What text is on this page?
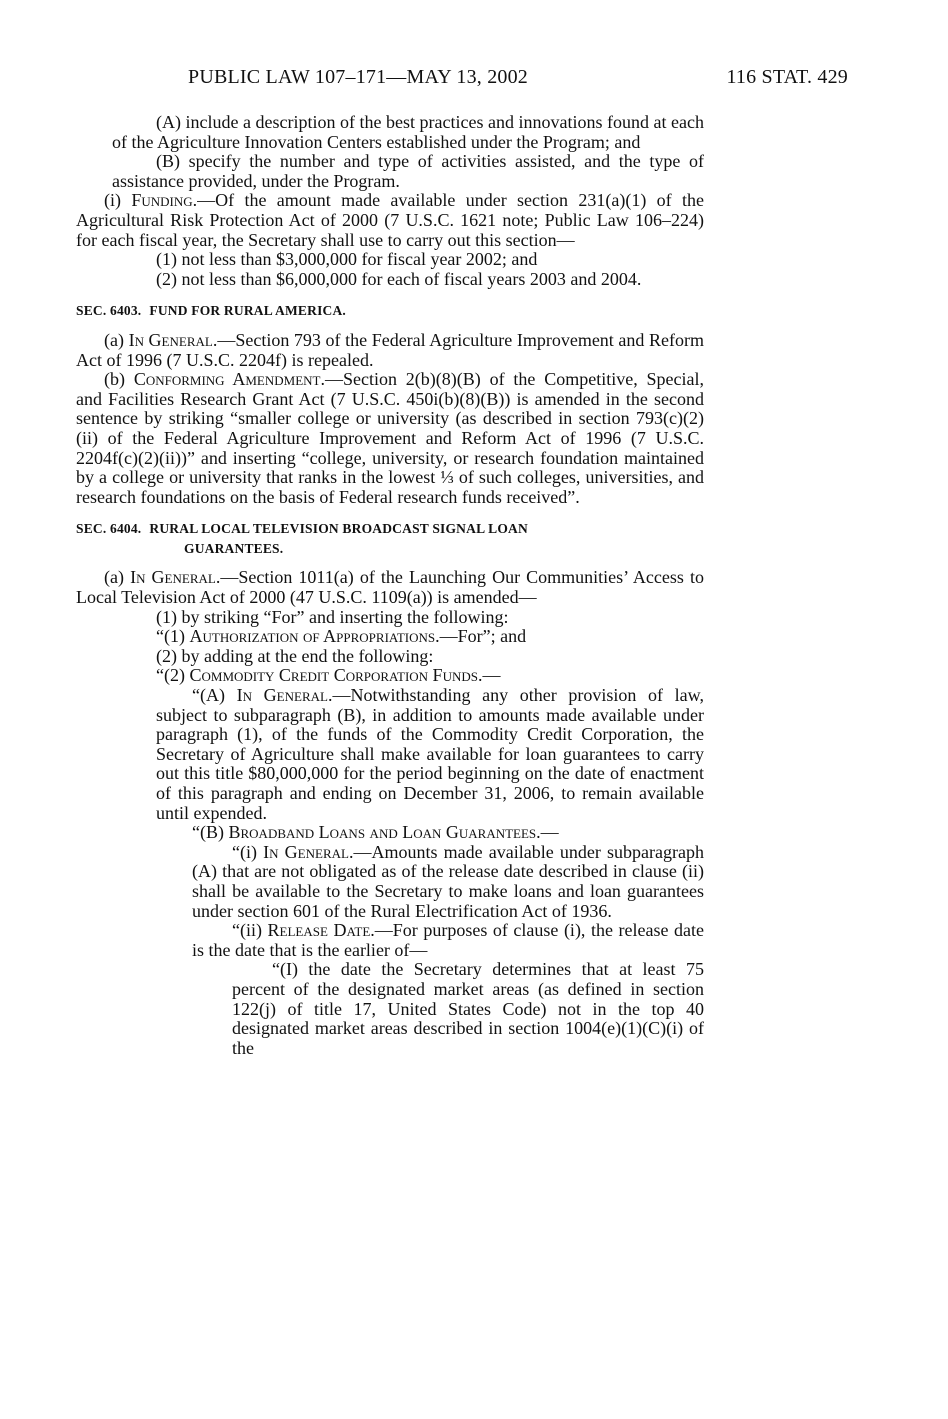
PUBLIC LAW 107–171—MAY 13, 2002	116 STAT. 429

(A) include a description of the best practices and innovations found at each of the Agriculture Innovation Centers established under the Program; and

(B) specify the number and type of activities assisted, and the type of assistance provided, under the Program.

(i) Funding.—Of the amount made available under section 231(a)(1) of the Agricultural Risk Protection Act of 2000 (7 U.S.C. 1621 note; Public Law 106–224) for each fiscal year, the Secretary shall use to carry out this section—

(1) not less than $3,000,000 for fiscal year 2002; and

(2) not less than $6,000,000 for each of fiscal years 2003 and 2004.

SEC. 6403. FUND FOR RURAL AMERICA.

(a) In General.—Section 793 of the Federal Agriculture Improvement and Reform Act of 1996 (7 U.S.C. 2204f) is repealed.

(b) Conforming Amendment.—Section 2(b)(8)(B) of the Competitive, Special, and Facilities Research Grant Act (7 U.S.C. 450i(b)(8)(B)) is amended in the second sentence by striking “smaller college or university (as described in section 793(c)(2)(ii) of the Federal Agriculture Improvement and Reform Act of 1996 (7 U.S.C. 2204f(c)(2)(ii))” and inserting “college, university, or research foundation maintained by a college or university that ranks in the lowest ⅓ of such colleges, universities, and research foundations on the basis of Federal research funds received”.

SEC. 6404. RURAL LOCAL TELEVISION BROADCAST SIGNAL LOAN
GUARANTEES.

(a) In General.—Section 1011(a) of the Launching Our Communities’ Access to Local Television Act of 2000 (47 U.S.C. 1109(a)) is amended—

(1) by striking “For” and inserting the following:

“(1) Authorization of Appropriations.—For”; and

(2) by adding at the end the following:

“(2) Commodity Credit Corporation Funds.—

“(A) In General.—Notwithstanding any other provision of law, subject to subparagraph (B), in addition to amounts made available under paragraph (1), of the funds of the Commodity Credit Corporation, the Secretary of Agriculture shall make available for loan guarantees to carry out this title $80,000,000 for the period beginning on the date of enactment of this paragraph and ending on December 31, 2006, to remain available until expended.

“(B) Broadband Loans and Loan Guarantees.—

“(i) In General.—Amounts made available under subparagraph (A) that are not obligated as of the release date described in clause (ii) shall be available to the Secretary to make loans and loan guarantees under section 601 of the Rural Electrification Act of 1936.

“(ii) Release Date.—For purposes of clause (i), the release date is the date that is the earlier of—

“(I) the date the Secretary determines that at least 75 percent of the designated market areas (as defined in section 122(j) of title 17, United States Code) not in the top 40 designated market areas described in section 1004(e)(1)(C)(i) of the
